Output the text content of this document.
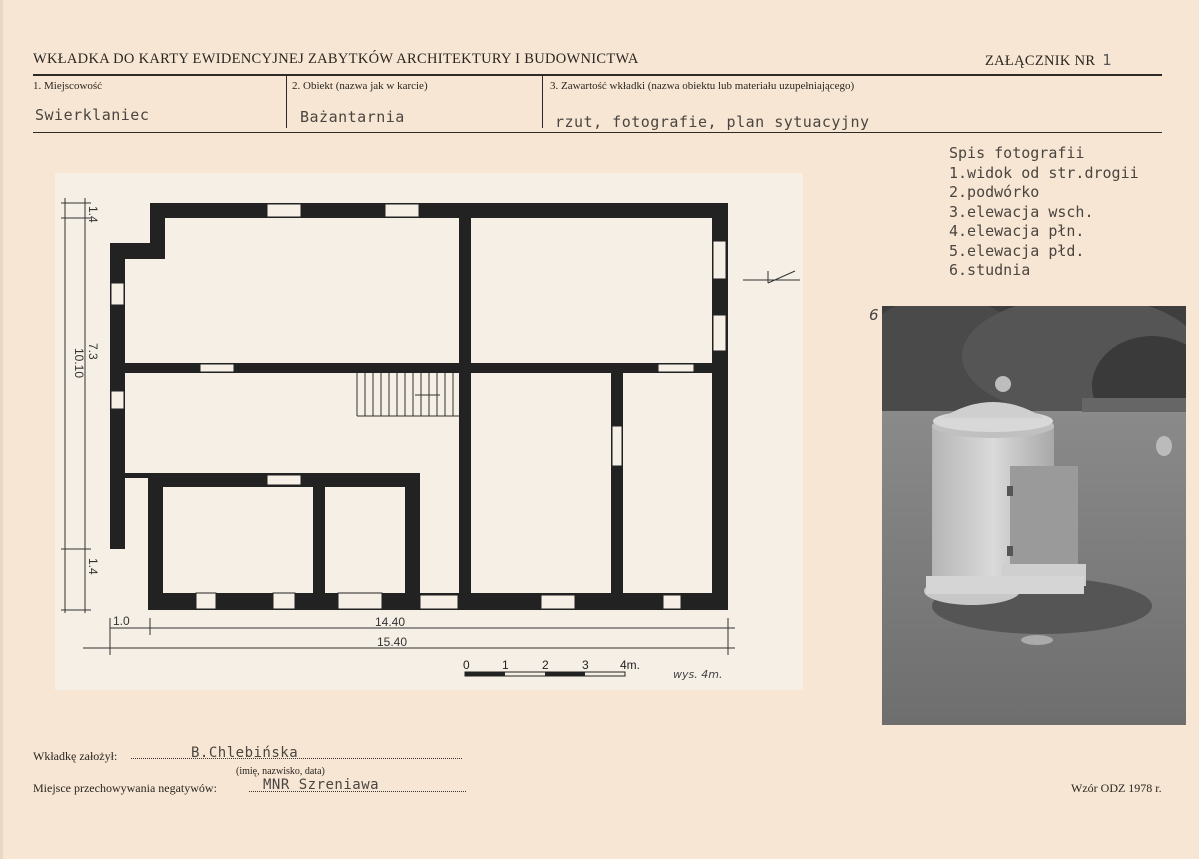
WKŁADKA DO KARTY EWIDENCYJNEJ ZABYTKÓW ARCHITEKTURY I BUDOWNICTWA	ZAŁĄCZNIK NR 1
1. Miejscowość
Swierklaniec
2. Obiekt (nazwa jak w karcie)
Bażantarnia
3. Zawartość wkładki (nazwa obiektu lub materiału uzupełniającego)
rzut, fotografie, plan sytuacyjny
1.0	14.40
15.40
10.10 7.3
1.4
1.4
0	1	2	3	4m.
wys. 4m.
Spis fotografii
1.widok od str.drogii
2.podwórko
3.elewacja wsch.
4.elewacja płn.
5.elewacja płd.
6.studnia
6
Wkładkę założył:	B.Chlebińska
(imię, nazwisko, data)
Miejsce przechowywania negatywów:	MNR Szreniawa	Wzór ODZ 1978 r.
